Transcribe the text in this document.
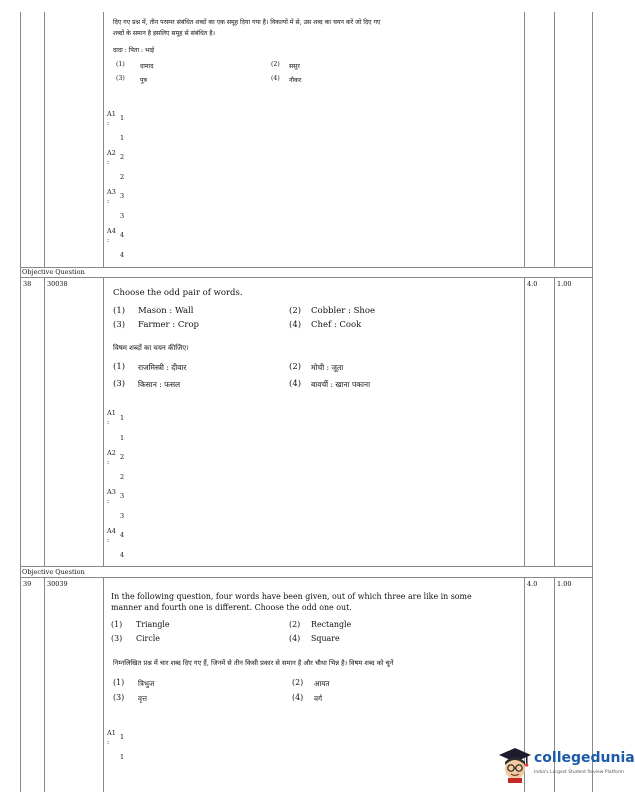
दिए गए प्रश्न में, तीन परस्पर संबंधित शब्दों का एक समूह दिया गया है। विकल्पों में से, उस शब्द का चयन करें जो दिए गए
शब्दों के समान है इसलिए समूह से संबंधित है।
दादा : पिता : भाई
(1) दामाद	(2) ससुर
(3) पुत्र	(4) नौकर
A1
:
1
1
A2
:
2
2
A3
:
3
3
A4
:
4
4
Objective Question
38 30038	4.0	1.00
Choose the odd pair of words.
(1) Mason : Wall	(2) Cobbler : Shoe
(3) Farmer : Crop	(4) Chef : Cook
विषम शब्दों का चयन कीजिए।
(1) राजमिस्त्री : दीवार	(2) मोची : जूता
(3) किसान : फसल	(4) बावर्ची : खाना पकाना
A1
: 1
1
A2
:
2
2
A3
:
3
3
A4
:
4
4
Objective Question
39 30039	4.0	1.00
In the following question, four words have been given, out of which three are like in some
manner and fourth one is different. Choose the odd one out.
(1) Triangle	(2) Rectangle
(3) Circle	(4) Square
निम्नलिखित प्रश्न में चार शब्द दिए गए हैं, जिनमें से तीन किसी प्रकार से समान है और चौथा भिन्न है। विषम शब्द को चुनें
(1) त्रिभुज	(2) आयत
(3) वृत्त	(4) वर्ग
A1
:
1
1	collegedunia
India's Largest Student Review Platform
